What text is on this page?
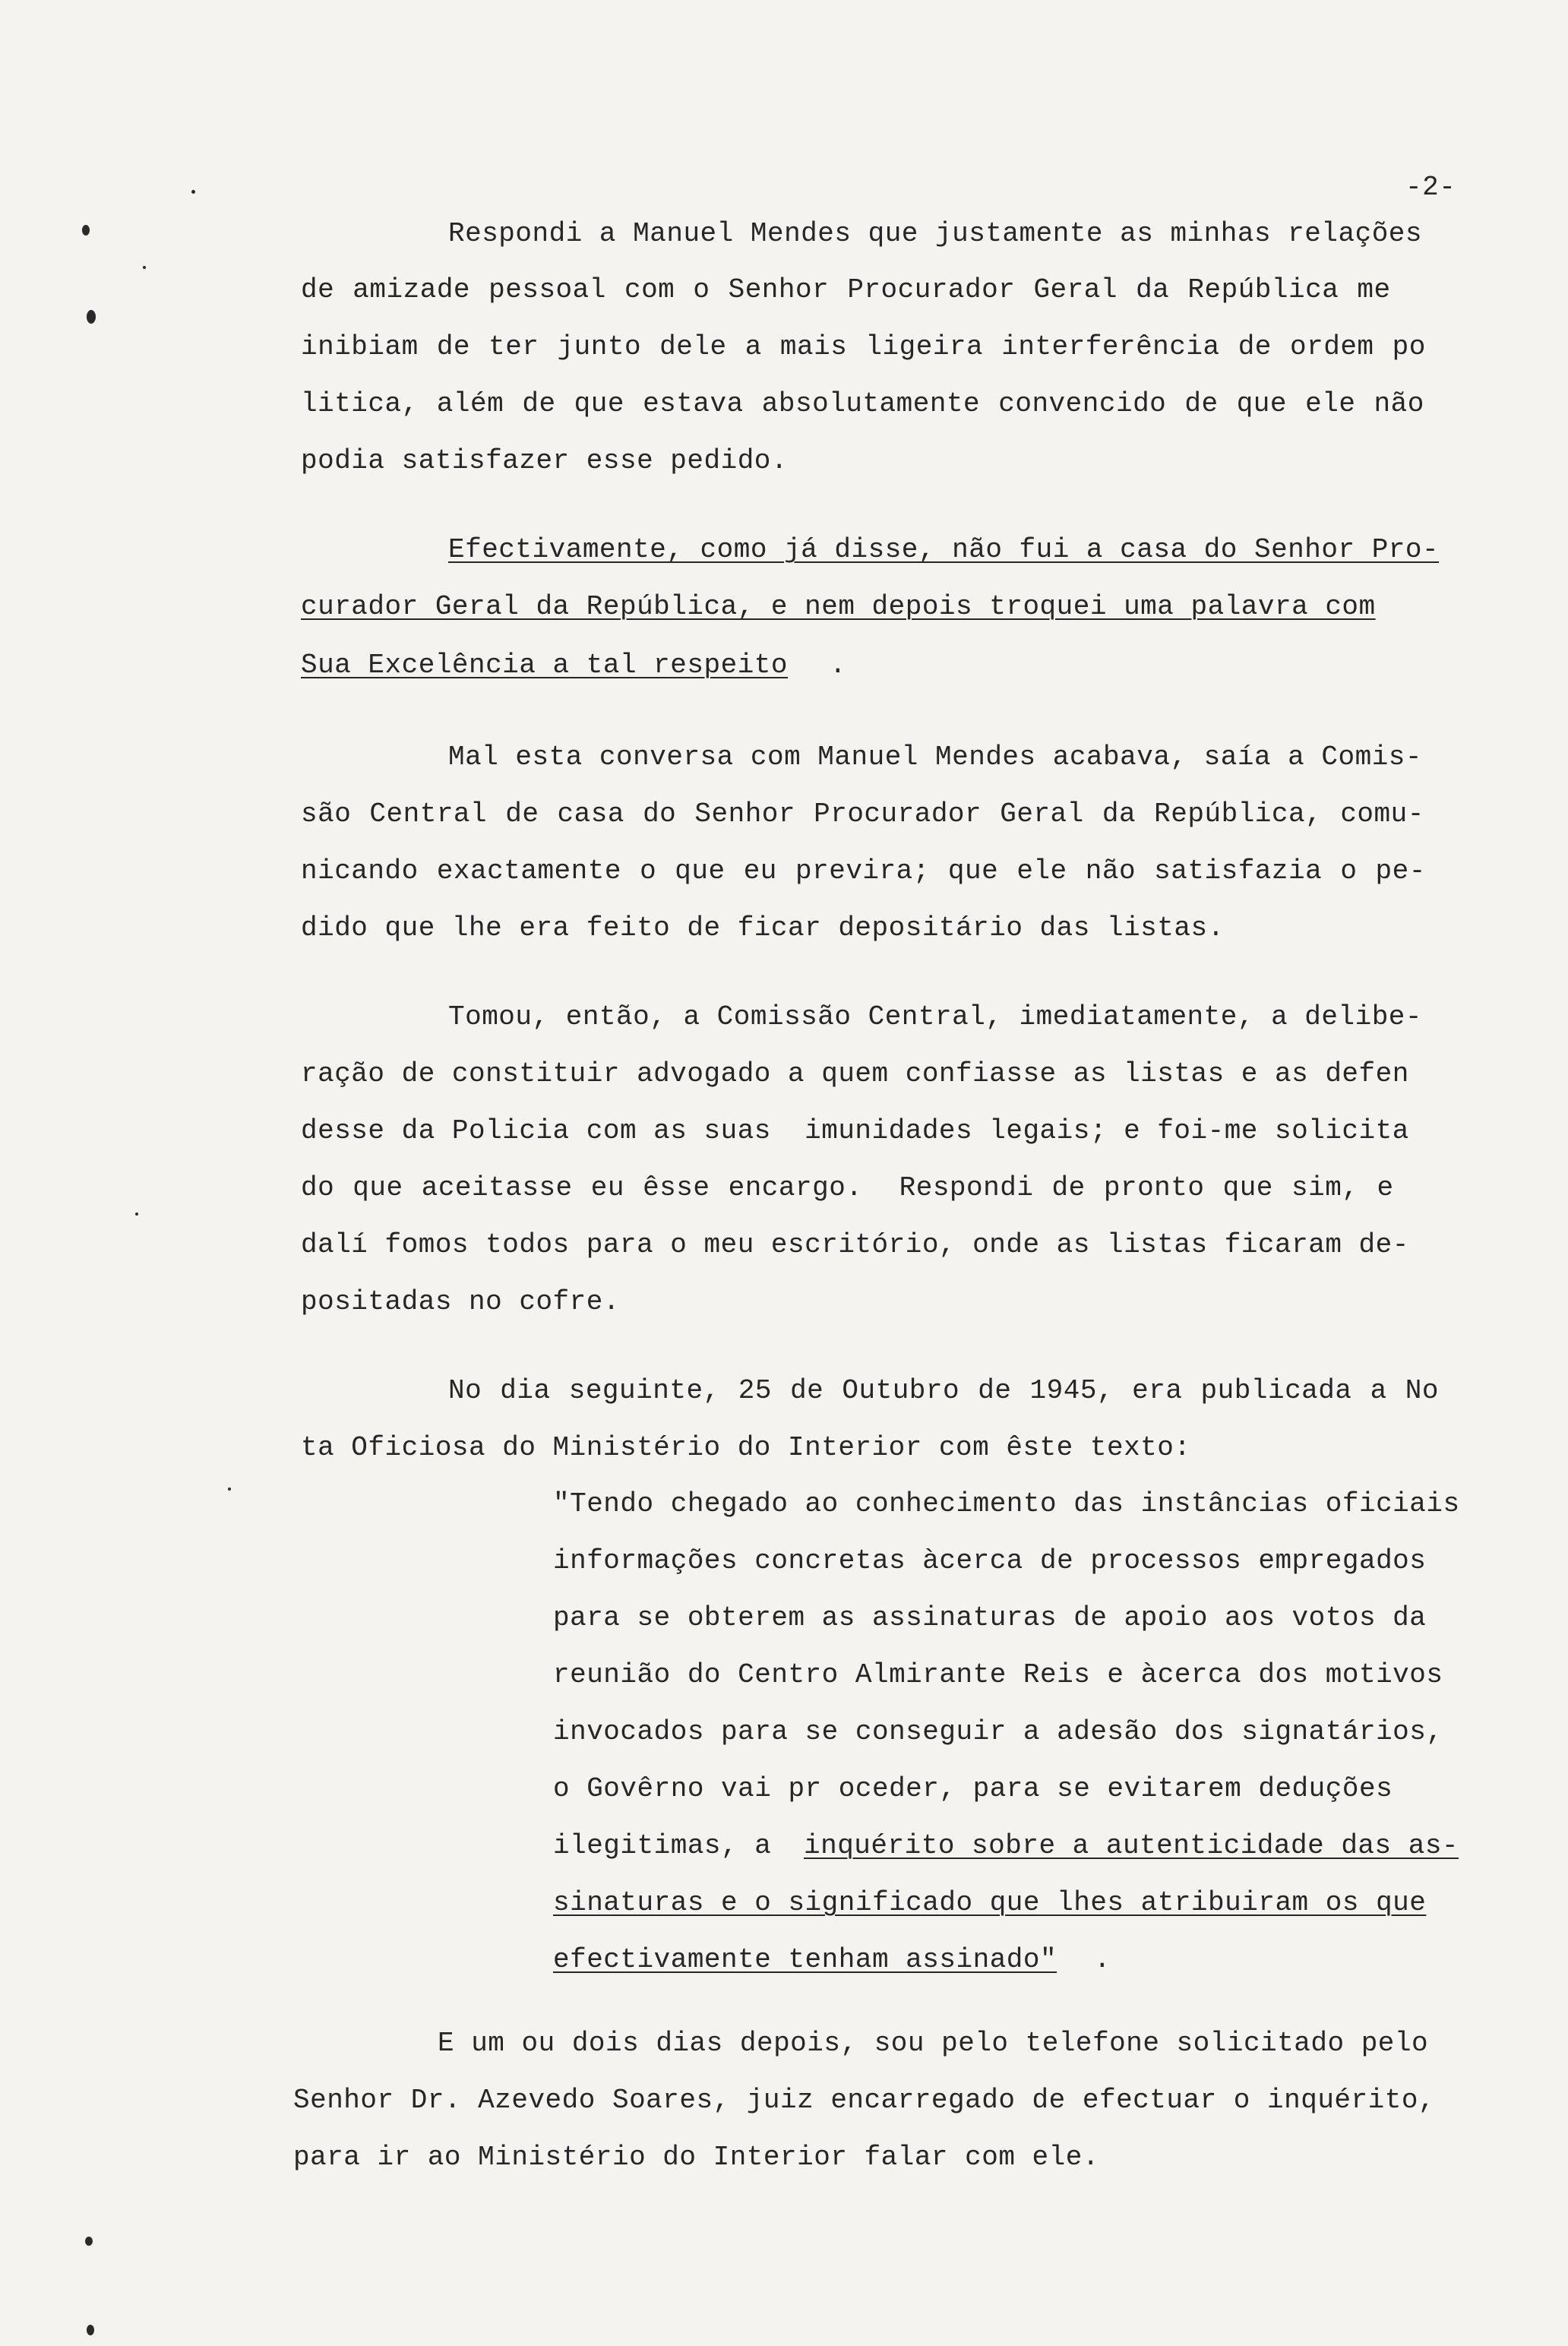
-2-
Respondi a Manuel Mendes que justamente as minhas relações
de amizade pessoal com o Senhor Procurador Geral da República me
inibiam de ter junto dele a mais ligeira interferência de ordem po
litica, além de que estava absolutamente convencido de que ele não
podia satisfazer esse pedido.
Efectivamente, como já disse, não fui a casa do Senhor Pro-
curador Geral da República, e nem depois troquei uma palavra com
Sua Excelência a tal respeito .
Mal esta conversa com Manuel Mendes acabava, saía a Comis-
são Central de casa do Senhor Procurador Geral da República, comu-
nicando exactamente o que eu previra; que ele não satisfazia o pe-
dido que lhe era feito de ficar depositário das listas.
Tomou, então, a Comissão Central, imediatamente, a delibe-
ração de constituir advogado a quem confiasse as listas e as defen
desse da Policia com as suas  imunidades legais; e foi-me solicita
do que aceitasse eu êsse encargo.  Respondi de pronto que sim, e
dalí fomos todos para o meu escritório, onde as listas ficaram de-
positadas no cofre.
No dia seguinte, 25 de Outubro de 1945, era publicada a No
ta Oficiosa do Ministério do Interior com êste texto:
"Tendo chegado ao conhecimento das instâncias oficiais
informações concretas àcerca de processos empregados
para se obterem as assinaturas de apoio aos votos da
reunião do Centro Almirante Reis e àcerca dos motivos
invocados para se conseguir a adesão dos signatários,
o Govêrno vai pr oceder, para se evitarem deduções
ilegitimas, a inquérito sobre a autenticidade das as-
sinaturas e o significado que lhes atribuiram os que
efectivamente tenham assinado" .
E um ou dois dias depois, sou pelo telefone solicitado pelo
Senhor Dr. Azevedo Soares, juiz encarregado de efectuar o inquérito,
para ir ao Ministério do Interior falar com ele.
